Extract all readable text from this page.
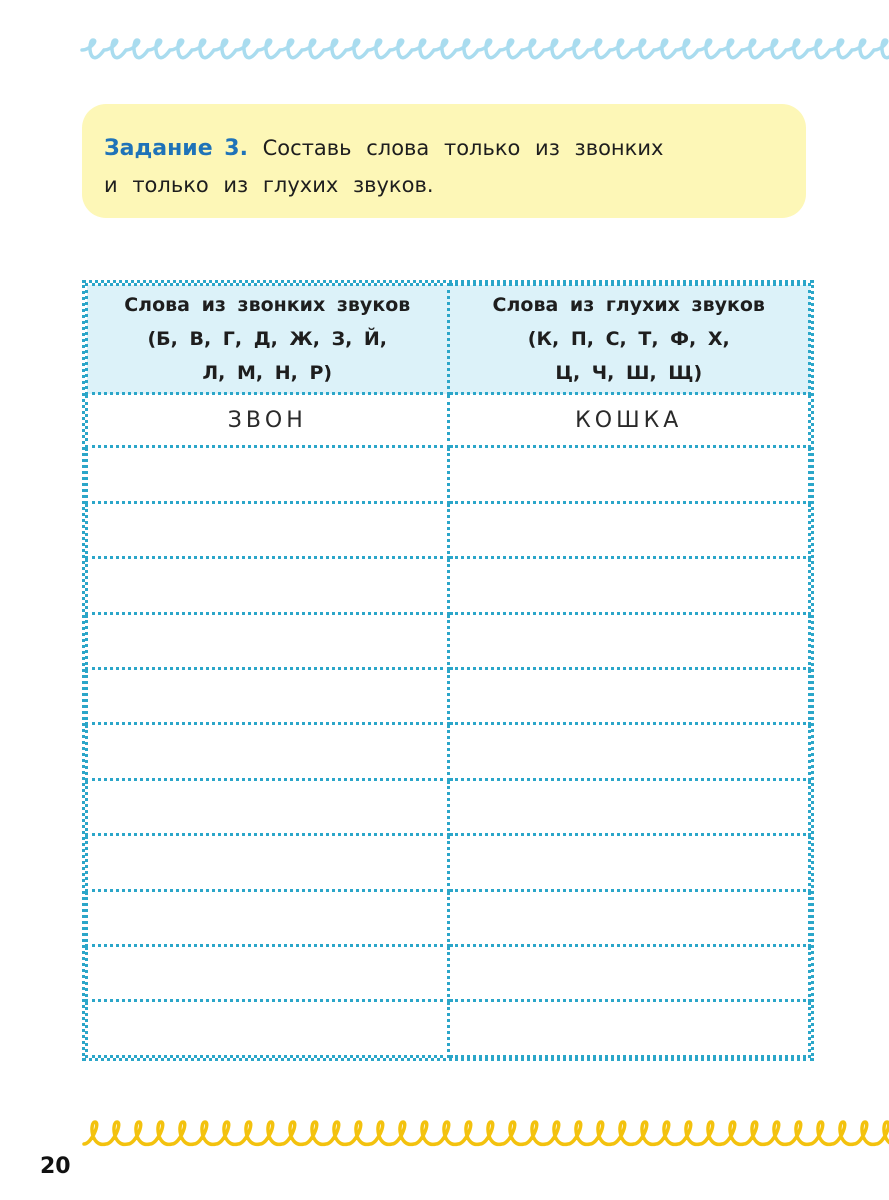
Задание 3. Составь слова только из звонких
и только из глухих звуков.

Слова из звонких звуков
(Б, В, Г, Д, Ж, З, Й,
Л, М, Н, Р)	Слова из глухих звуков
(К, П, С, Т, Ф, Х,
Ц, Ч, Ш, Щ)

ЗВОН	КОШКА

20
